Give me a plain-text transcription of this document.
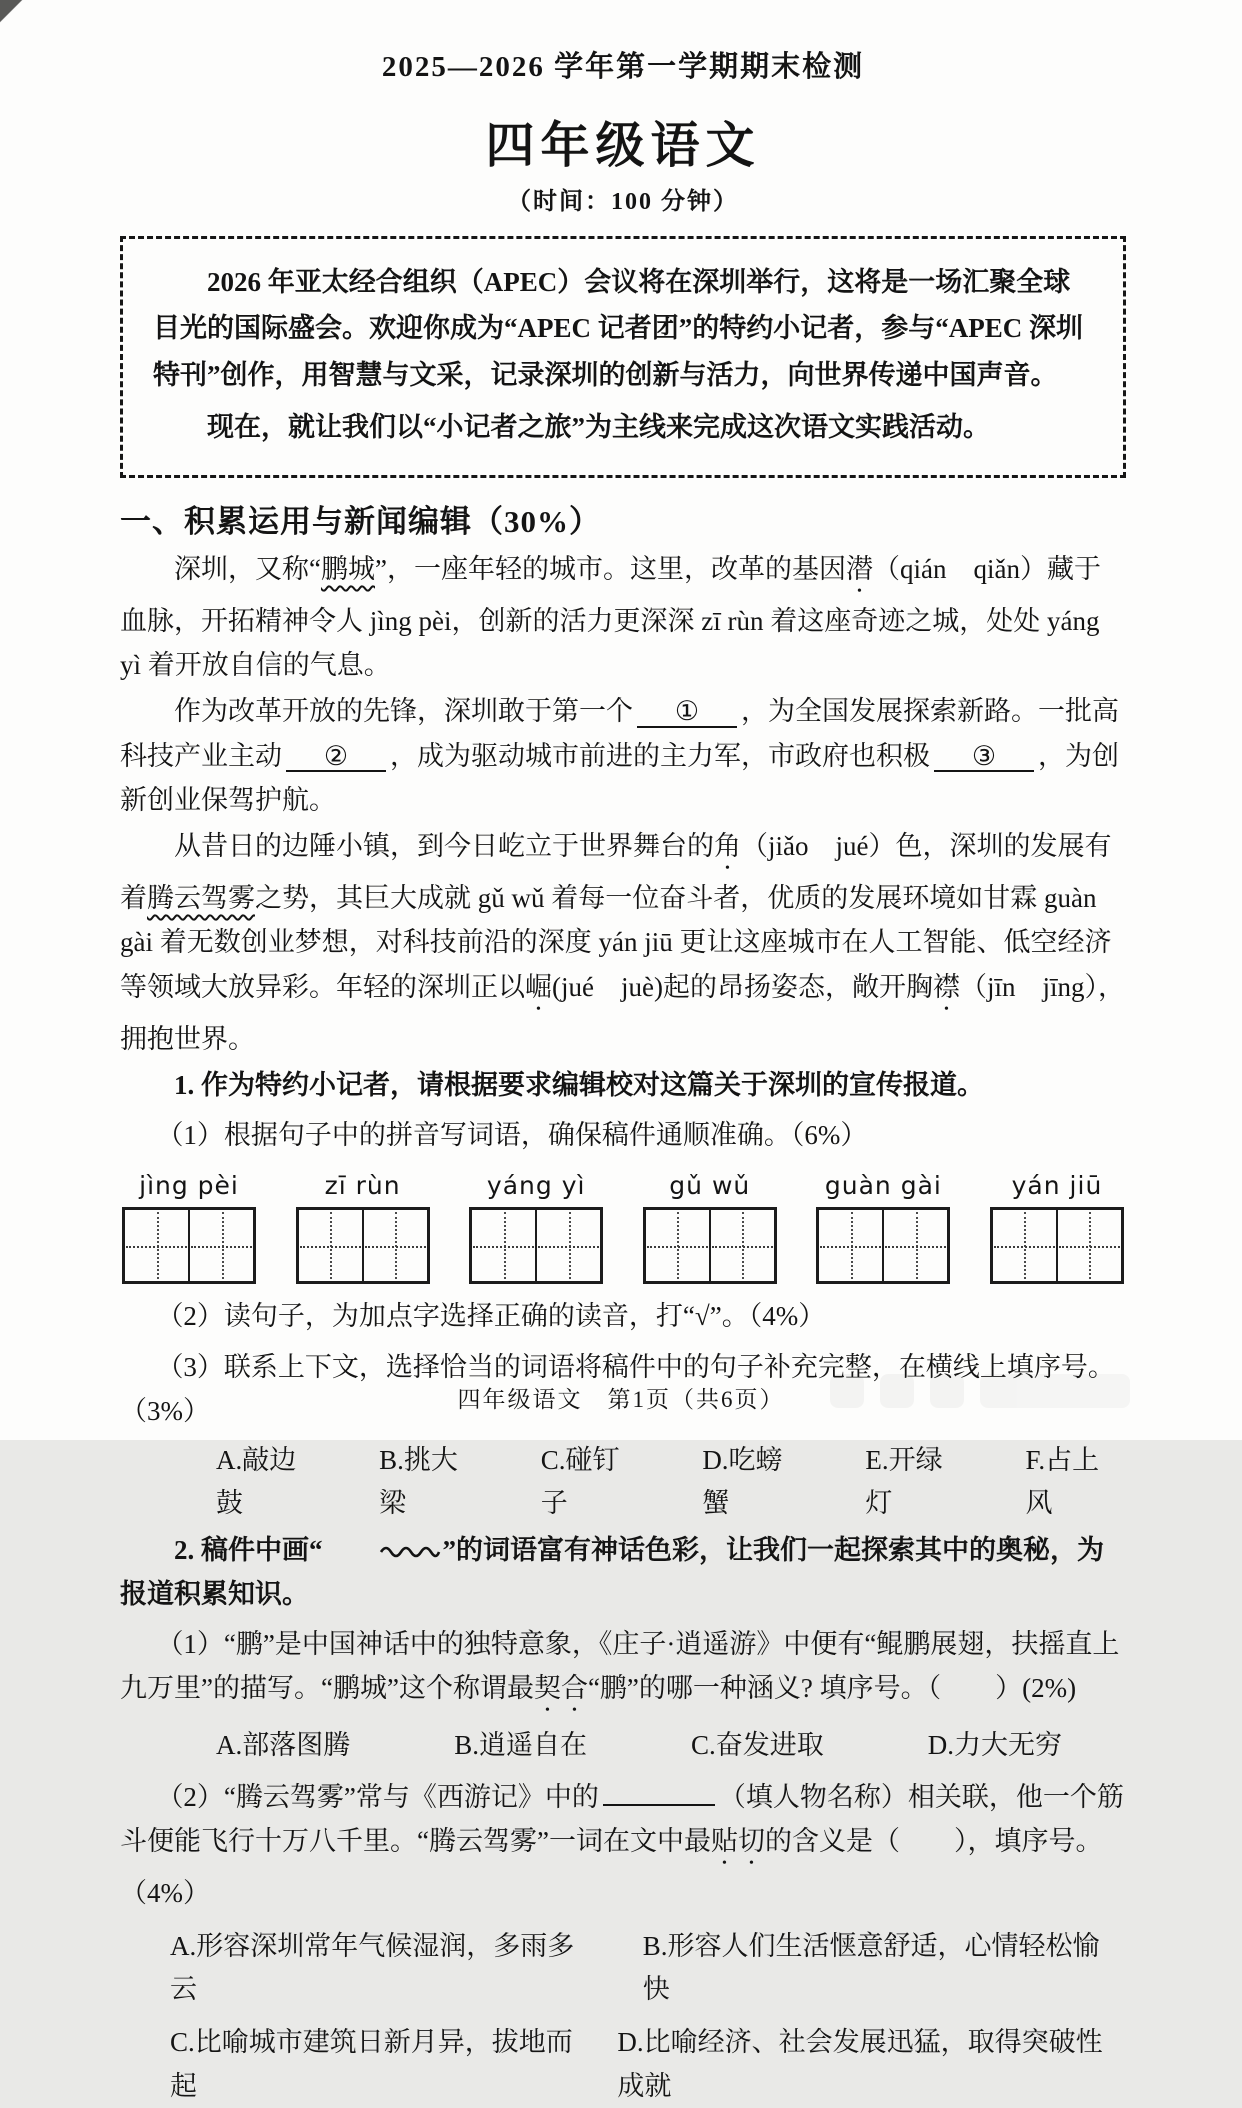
2025—2026 学年第一学期期末检测
四年级语文
（时间：100 分钟）

2026 年亚太经合组织（APEC）会议将在深圳举行，这将是一场汇聚全球目光的国际盛会。欢迎你成为“APEC 记者团”的特约小记者，参与“APEC 深圳特刊”创作，用智慧与文采，记录深圳的创新与活力，向世界传递中国声音。

现在，就让我们以“小记者之旅”为主线来完成这次语文实践活动。

一、积累运用与新闻编辑（30%）

深圳，又称“鹏城”，一座年轻的城市。这里，改革的基因潜（qián　qiǎn）藏于血脉，开拓精神令人 jìng pèi，创新的活力更深深 zī rùn 着这座奇迹之城，处处 yáng yì 着开放自信的气息。

作为改革开放的先锋，深圳敢于第一个 ① ，为全国发展探索新路。一批高科技产业主动 ② ，成为驱动城市前进的主力军，市政府也积极 ③ ，为创新创业保驾护航。

从昔日的边陲小镇，到今日屹立于世界舞台的角（jiǎo　jué）色，深圳的发展有着腾云驾雾之势，其巨大成就 gǔ wǔ 着每一位奋斗者，优质的发展环境如甘霖 guàn gài 着无数创业梦想，对科技前沿的深度 yán jiū 更让这座城市在人工智能、低空经济等领域大放异彩。年轻的深圳正以崛(jué　juè)起的昂扬姿态，敞开胸襟（jīn　jīng），拥抱世界。

1. 作为特约小记者，请根据要求编辑校对这篇关于深圳的宣传报道。

（1）根据句子中的拼音写词语，确保稿件通顺准确。（6%）

jìng pèi	zī rùn	yáng yì	gǔ wǔ	guàn gài	yán jiū

（2）读句子，为加点字选择正确的读音，打“√”。（4%）

（3）联系上下文，选择恰当的词语将稿件中的句子补充完整，在横线上填序号。（3%）

A.敲边鼓
B.挑大梁
C.碰钉子
D.吃螃蟹
E.开绿灯
F.占上风

2. 稿件中画“	”的词语富有神话色彩，让我们一起探索其中的奥秘，为报道积累知识。

（1）“鹏”是中国神话中的独特意象，《庄子·逍遥游》中便有“鲲鹏展翅，扶摇直上九万里”的描写。“鹏城”这个称谓最契合“鹏”的哪一种涵义? 填序号。（　　）(2%)

A.部落图腾	B.逍遥自在	C.奋发进取	D.力大无穷

（2）“腾云驾雾”常与《西游记》中的	（填人物名称）相关联，他一个筋斗便能飞行十万八千里。“腾云驾雾”一词在文中最贴切的含义是（　　），填序号。（4%）

A.形容深圳常年气候湿润，多雨多云
B.形容人们生活惬意舒适，心情轻松愉快
C.比喻城市建筑日新月异，拔地而起
D.比喻经济、社会发展迅猛，取得突破性成就
四年级语文　第1页（共6页）
